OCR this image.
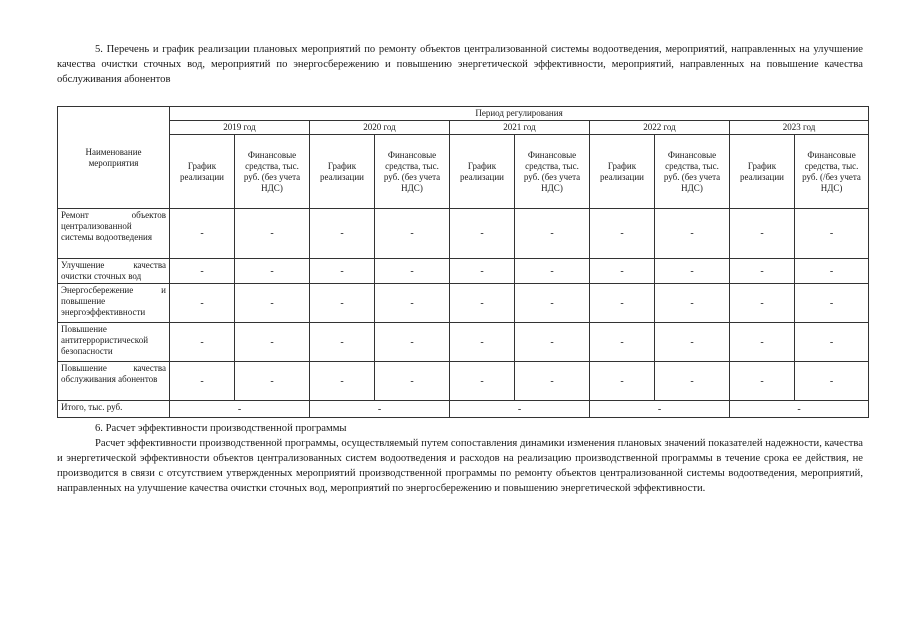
5. Перечень и график реализации плановых мероприятий по ремонту объектов централизованной системы водоотведения, мероприятий, направленных на улучшение качества очистки сточных вод, мероприятий по энергосбережению и повышению энергетической эффективности, мероприятий, направленных на повышение качества обслуживания абонентов
Наименование мероприятия	Период регулирования									
	2019 год		2020 год		2021 год		2022 год		2023 год	
	График реализации	Финансовые средства, тыс. руб. (без учета НДС)	График реализации	Финансовые средства, тыс. руб. (без учета НДС)	График реализации	Финансовые средства, тыс. руб. (без учета НДС)	График реализации	Финансовые средства, тыс. руб. (без учета НДС)	График реализации	Финансовые средства, тыс. руб. (/без учета НДС)
Ремонт объектов централизованной системы водоотведения	-	-	-	-	-	-	-	-	-	-
Улучшение качества очистки сточных вод	-	-	-	-	-	-	-	-	-	-
Энергосбережение и повышение энергоэффективности	-	-	-	-	-	-	-	-	-	-
Повышение антитеррористической безопасности	-	-	-	-	-	-	-	-	-	-
Повышение качества обслуживания абонентов	-	-	-	-	-	-	-	-	-	-
Итого, тыс. руб.	-		-		-		-		-	
6. Расчет эффективности производственной программы
Расчет эффективности производственной программы, осуществляемый путем сопоставления динамики изменения плановых значений показателей надежности, качества и энергетической эффективности объектов централизованных систем водоотведения и расходов на реализацию производственной программы в течение срока ее действия, не производится в связи с отсутствием утвержденных мероприятий производственной программы по ремонту объектов централизованной системы водоотведения, мероприятий, направленных на улучшение качества очистки сточных вод, мероприятий по энергосбережению и повышению энергетической эффективности.
